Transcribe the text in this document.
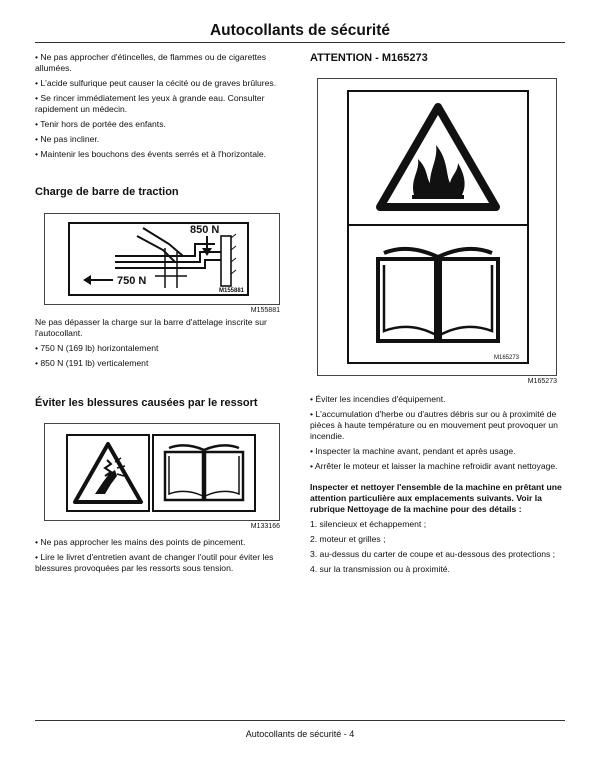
Autocollants de sécurité

• Ne pas approcher d'étincelles, de flammes ou de cigarettes allumées.

• L'acide sulfurique peut causer la cécité ou de graves brûlures.

• Se rincer immédiatement les yeux à grande eau. Consulter rapidement un médecin.

• Tenir hors de portée des enfants.

• Ne pas incliner.

• Maintenir les bouchons des évents serrés et à l'horizontale.

Charge de barre de traction
850 N
750 N
M155881
M155881

Ne pas dépasser la charge sur la barre d'attelage inscrite sur l'autocollant.

• 750 N (169 lb) horizontalement

• 850 N (191 lb) verticalement

Éviter les blessures causées par le ressort
M133166

• Ne pas approcher les mains des points de pincement.

• Lire le livret d'entretien avant de changer l'outil pour éviter les blessures provoquées par les ressorts sous tension.

ATTENTION - M165273
M165273
M165273

• Éviter les incendies d'équipement.

• L'accumulation d'herbe ou d'autres débris sur ou à proximité de pièces à haute température ou en mouvement peut provoquer un incendie.

• Inspecter la machine avant, pendant et après usage.

• Arrêter le moteur et laisser la machine refroidir avant nettoyage.

Inspecter et nettoyer l'ensemble de la machine en prêtant une attention particulière aux emplacements suivants. Voir la rubrique Nettoyage de la machine pour des détails :

1. silencieux et échappement ;

2. moteur et grilles ;

3. au-dessus du carter de coupe et au-dessous des protections ;

4. sur la transmission ou à proximité.

Autocollants de sécurité - 4
